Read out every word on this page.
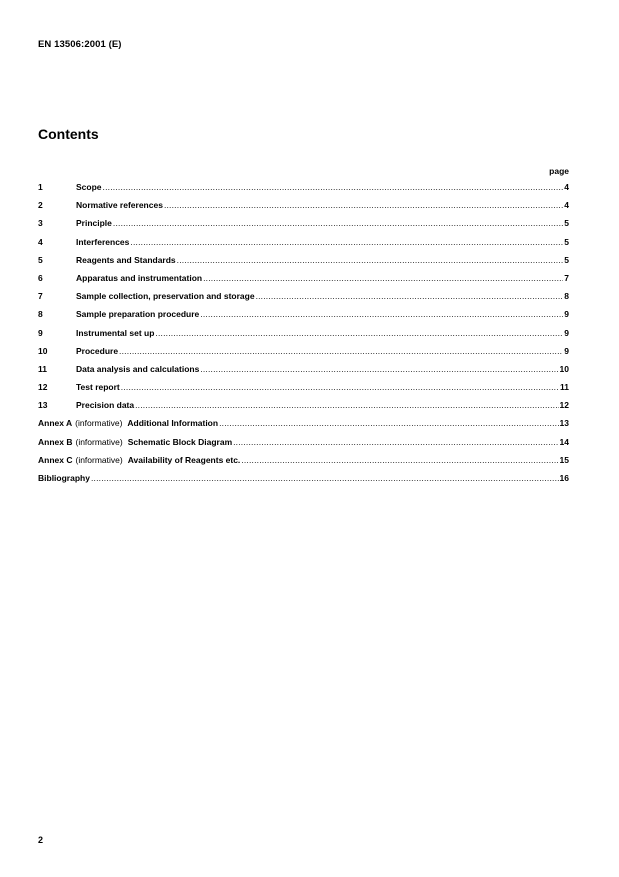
EN 13506:2001 (E)
Contents
page
1	Scope .....	4
2	Normative references .....	4
3	Principle .....	5
4	Interferences .....	5
5	Reagents and Standards .....	5
6	Apparatus and instrumentation .....	7
7	Sample collection, preservation and storage .....	8
8	Sample preparation procedure .....	9
9	Instrumental set up .....	9
10	Procedure .....	9
11	Data analysis and calculations .....	10
12	Test report .....	11
13	Precision data .....	12
Annex A (informative) Additional Information .....	13
Annex B (informative) Schematic Block Diagram .....	14
Annex C (informative) Availability of Reagents etc. .....	15
Bibliography .....	16
2
